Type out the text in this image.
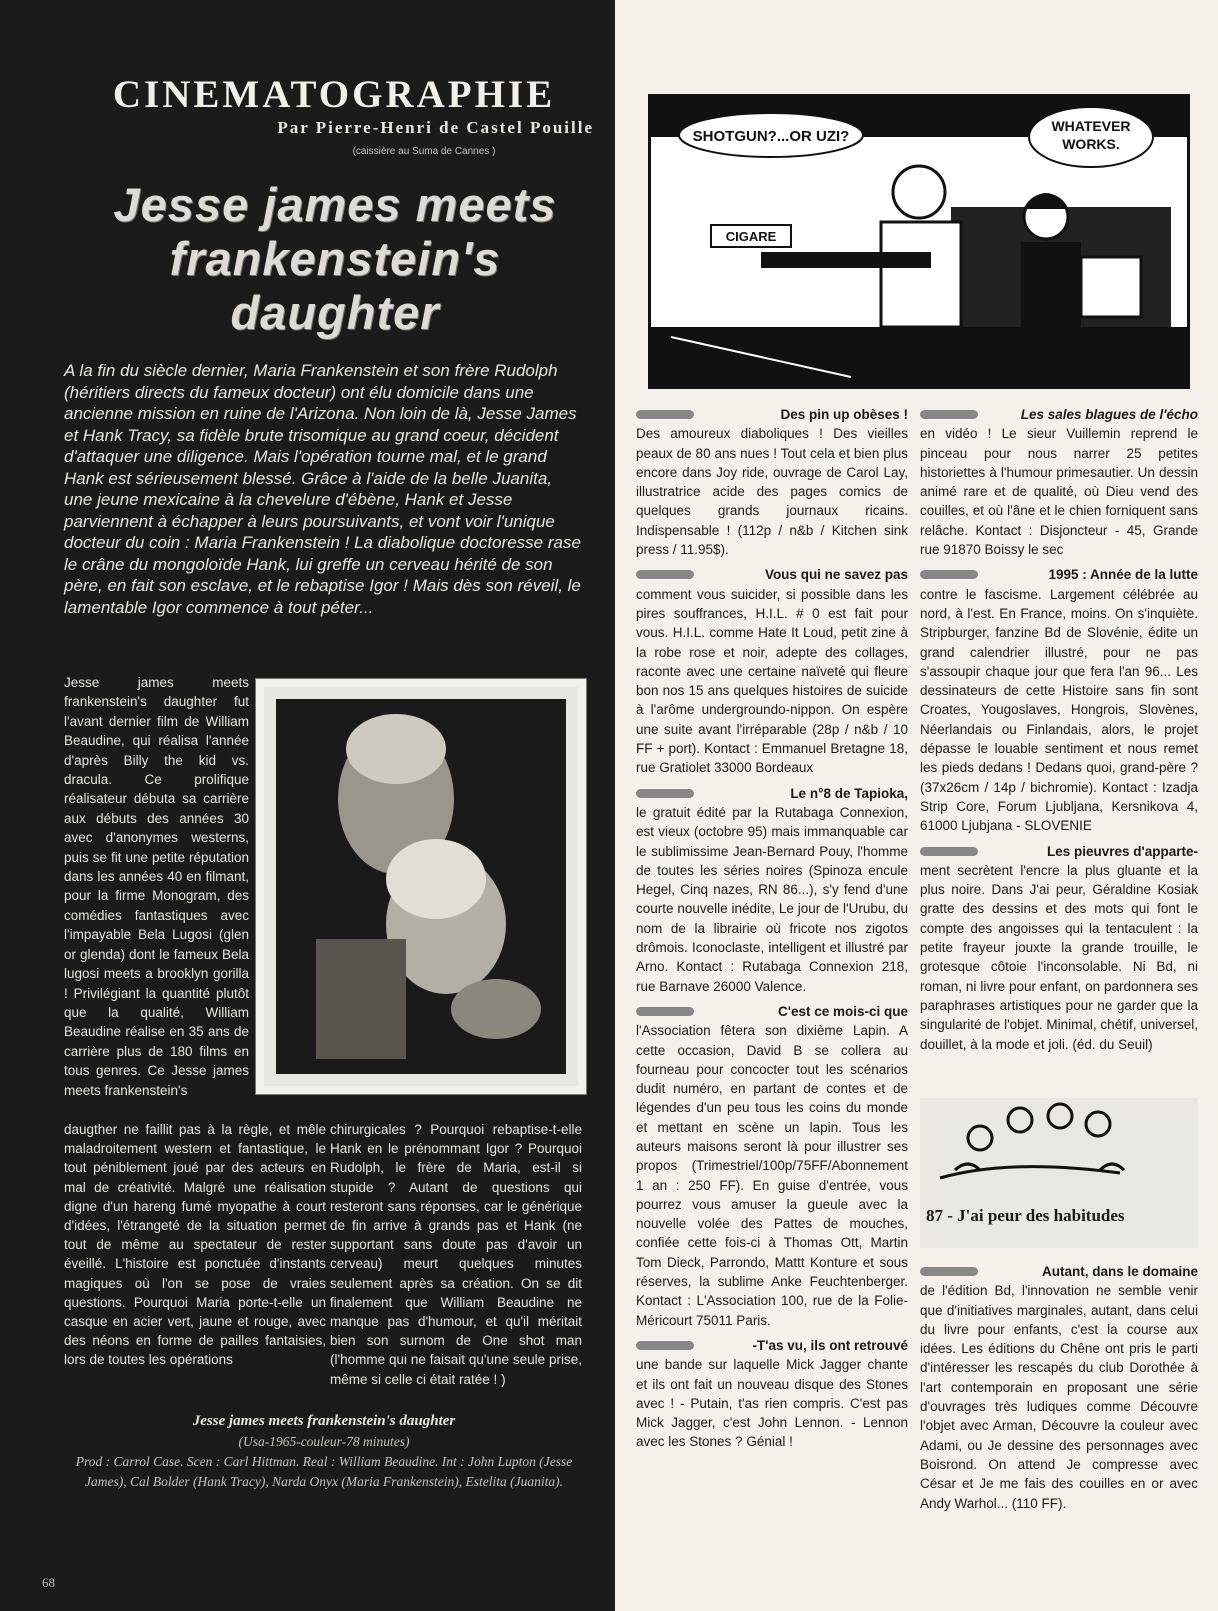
CINEMATOGRAPHIE
Par Pierre-Henri de Castel Pouille
(caissière au Suma de Cannes )
Jesse james meets
frankenstein's daughter
A la fin du siècle dernier, Maria Frankenstein et son frère Rudolph (héritiers directs du fameux docteur) ont élu domicile dans une ancienne mission en ruine de l'Arizona. Non loin de là, Jesse James et Hank Tracy, sa fidèle brute trisomique au grand coeur, décident d'attaquer une diligence. Mais l'opération tourne mal, et le grand Hank est sérieusement blessé. Grâce à l'aide de la belle Juanita, une jeune mexicaine à la chevelure d'ébène, Hank et Jesse parviennent à échapper à leurs poursuivants, et vont voir l'unique docteur du coin : Maria Frankenstein ! La diabolique doctoresse rase le crâne du mongoloïde Hank, lui greffe un cerveau hérité de son père, en fait son esclave, et le rebaptise Igor ! Mais dès son réveil, le lamentable Igor commence à tout péter...
Jesse james meets frankenstein's daughter fut l'avant dernier film de William Beaudine, qui réalisa l'année d'après Billy the kid vs. dracula. Ce prolifique réalisateur débuta sa carrière aux débuts des années 30 avec d'anonymes westerns, puis se fit une petite réputation dans les années 40 en filmant, pour la firme Monogram, des comédies fantastiques avec l'impayable Bela Lugosi (glen or glenda) dont le fameux Bela lugosi meets a brooklyn gorilla ! Privilégiant la quantité plutôt que la qualité, William Beaudine réalise en 35 ans de carrière plus de 180 films en tous genres. Ce Jesse james meets frankenstein's
daugther ne faillit pas à la règle, et mêle maladroitement western et fantastique, le tout péniblement joué par des acteurs en mal de créativité. Malgré une réalisation digne d'un hareng fumé myopathe à court d'idées, l'étrangeté de la situation permet tout de même au spectateur de rester éveillé. L'histoire est ponctuée d'instants magiques où l'on se pose de vraies questions. Pourquoi Maria porte-t-elle un casque en acier vert, jaune et rouge, avec des néons en forme de pailles fantaisies, lors de toutes les opérations
chirurgicales ? Pourquoi rebaptise-t-elle Hank en le prénommant Igor ? Pourquoi Rudolph, le frère de Maria, est-il si stupide ? Autant de questions qui resteront sans réponses, car le générique de fin arrive à grands pas et Hank (ne supportant sans doute pas d'avoir un cerveau) meurt quelques minutes seulement après sa création. On se dit finalement que William Beaudine ne manque pas d'humour, et qu'il méritait bien son surnom de One shot man (l'homme qui ne faisait qu'une seule prise, même si celle ci était ratée ! )
Jesse james meets frankenstein's daughter
(Usa-1965-couleur-78 minutes)
Prod : Carrol Case. Scen : Carl Hittman. Real : William Beaudine. Int : John Lupton (Jesse James), Cal Bolder (Hank Tracy), Narda Onyx (Maria Frankenstein), Estelita (Juanita).
68
SHOTGUN?...OR UZI?
WHATEVER
WORKS.
CIGARE
Des pin up obèses !
Des amoureux diaboliques ! Des vieilles peaux de 80 ans nues ! Tout cela et bien plus encore dans Joy ride, ouvrage de Carol Lay, illustratrice acide des pages comics de quelques grands journaux ricains. Indispensable ! (112p / n&b / Kitchen sink press / 11.95$).
Vous qui ne savez pas
comment vous suicider, si possible dans les pires souffrances, H.I.L. # 0 est fait pour vous. H.I.L. comme Hate It Loud, petit zine à la robe rose et noir, adepte des collages, raconte avec une certaine naïveté qui fleure bon nos 15 ans quelques histoires de suicide à l'arôme undergroundo-nippon. On espère une suite avant l'irréparable (28p / n&b / 10 FF + port). Kontact : Emmanuel Bretagne 18, rue Gratiolet 33000 Bordeaux
Le n°8 de Tapioka,
le gratuit édité par la Rutabaga Connexion, est vieux (octobre 95) mais immanquable car le sublimissime Jean-Bernard Pouy, l'homme de toutes les séries noires (Spinoza encule Hegel, Cinq nazes, RN 86...), s'y fend d'une courte nouvelle inédite, Le jour de l'Urubu, du nom de la librairie où fricote nos zigotos drômois. Iconoclaste, intelligent et illustré par Arno. Kontact : Rutabaga Connexion 218, rue Barnave 26000 Valence.
C'est ce mois-ci que
l'Association fêtera son dixième Lapin. A cette occasion, David B se collera au fourneau pour concocter tout les scénarios dudit numéro, en partant de contes et de légendes d'un peu tous les coins du monde et mettant en scène un lapin. Tous les auteurs maisons seront là pour illustrer ses propos (Trimestriel/100p/75FF/Abonnement 1 an : 250 FF). En guise d'entrée, vous pourrez vous amuser la gueule avec la nouvelle volée des Pattes de mouches, confiée cette fois-ci à Thomas Ott, Martin Tom Dieck, Parrondo, Mattt Konture et sous réserves, la sublime Anke Feuchtenberger. Kontact : L'Association 100, rue de la Folie-Méricourt 75011 Paris.
-T'as vu, ils ont retrouvé
une bande sur laquelle Mick Jagger chante et ils ont fait un nouveau disque des Stones avec ! - Putain, t'as rien compris. C'est pas Mick Jagger, c'est John Lennon. - Lennon avec les Stones ? Génial !
Les sales blagues de l'écho
en vidéo ! Le sieur Vuillemin reprend le pinceau pour nous narrer 25 petites historiettes à l'humour primesautier. Un dessin animé rare et de qualité, où Dieu vend des couilles, et où l'âne et le chien forniquent sans relâche. Kontact : Disjoncteur - 45, Grande rue 91870 Boissy le sec
1995 : Année de la lutte
contre le fascisme. Largement célébrée au nord, à l'est. En France, moins. On s'inquiète. Stripburger, fanzine Bd de Slovénie, édite un grand calendrier illustré, pour ne pas s'assoupir chaque jour que fera l'an 96... Les dessinateurs de cette Histoire sans fin sont Croates, Yougoslaves, Hongrois, Slovènes, Néerlandais ou Finlandais, alors, le projet dépasse le louable sentiment et nous remet les pieds dedans ! Dedans quoi, grand-père ? (37x26cm / 14p / bichromie). Kontact : Izadja Strip Core, Forum Ljubljana, Kersnikova 4, 61000 Ljubjana - SLOVENIE
Les pieuvres d'apparte-
ment secrètent l'encre la plus gluante et la plus noire. Dans J'ai peur, Géraldine Kosiak gratte des dessins et des mots qui font le compte des angoisses qui la tentaculent : la petite frayeur jouxte la grande trouille, le grotesque côtoie l'inconsolable. Ni Bd, ni roman, ni livre pour enfant, on pardonnera ses paraphrases artistiques pour ne garder que la singularité de l'objet. Minimal, chétif, universel, douillet, à la mode et joli. (éd. du Seuil)
87 - J'ai peur des habitudes
Autant, dans le domaine
de l'édition Bd, l'innovation ne semble venir que d'initiatives marginales, autant, dans celui du livre pour enfants, c'est la course aux idées. Les éditions du Chêne ont pris le parti d'intéresser les rescapés du club Dorothée à l'art contemporain en proposant une série d'ouvrages très ludiques comme Découvre l'objet avec Arman, Découvre la couleur avec Adami, ou Je dessine des personnages avec Boisrond. On attend Je compresse avec César et Je me fais des couilles en or avec Andy Warhol... (110 FF).
